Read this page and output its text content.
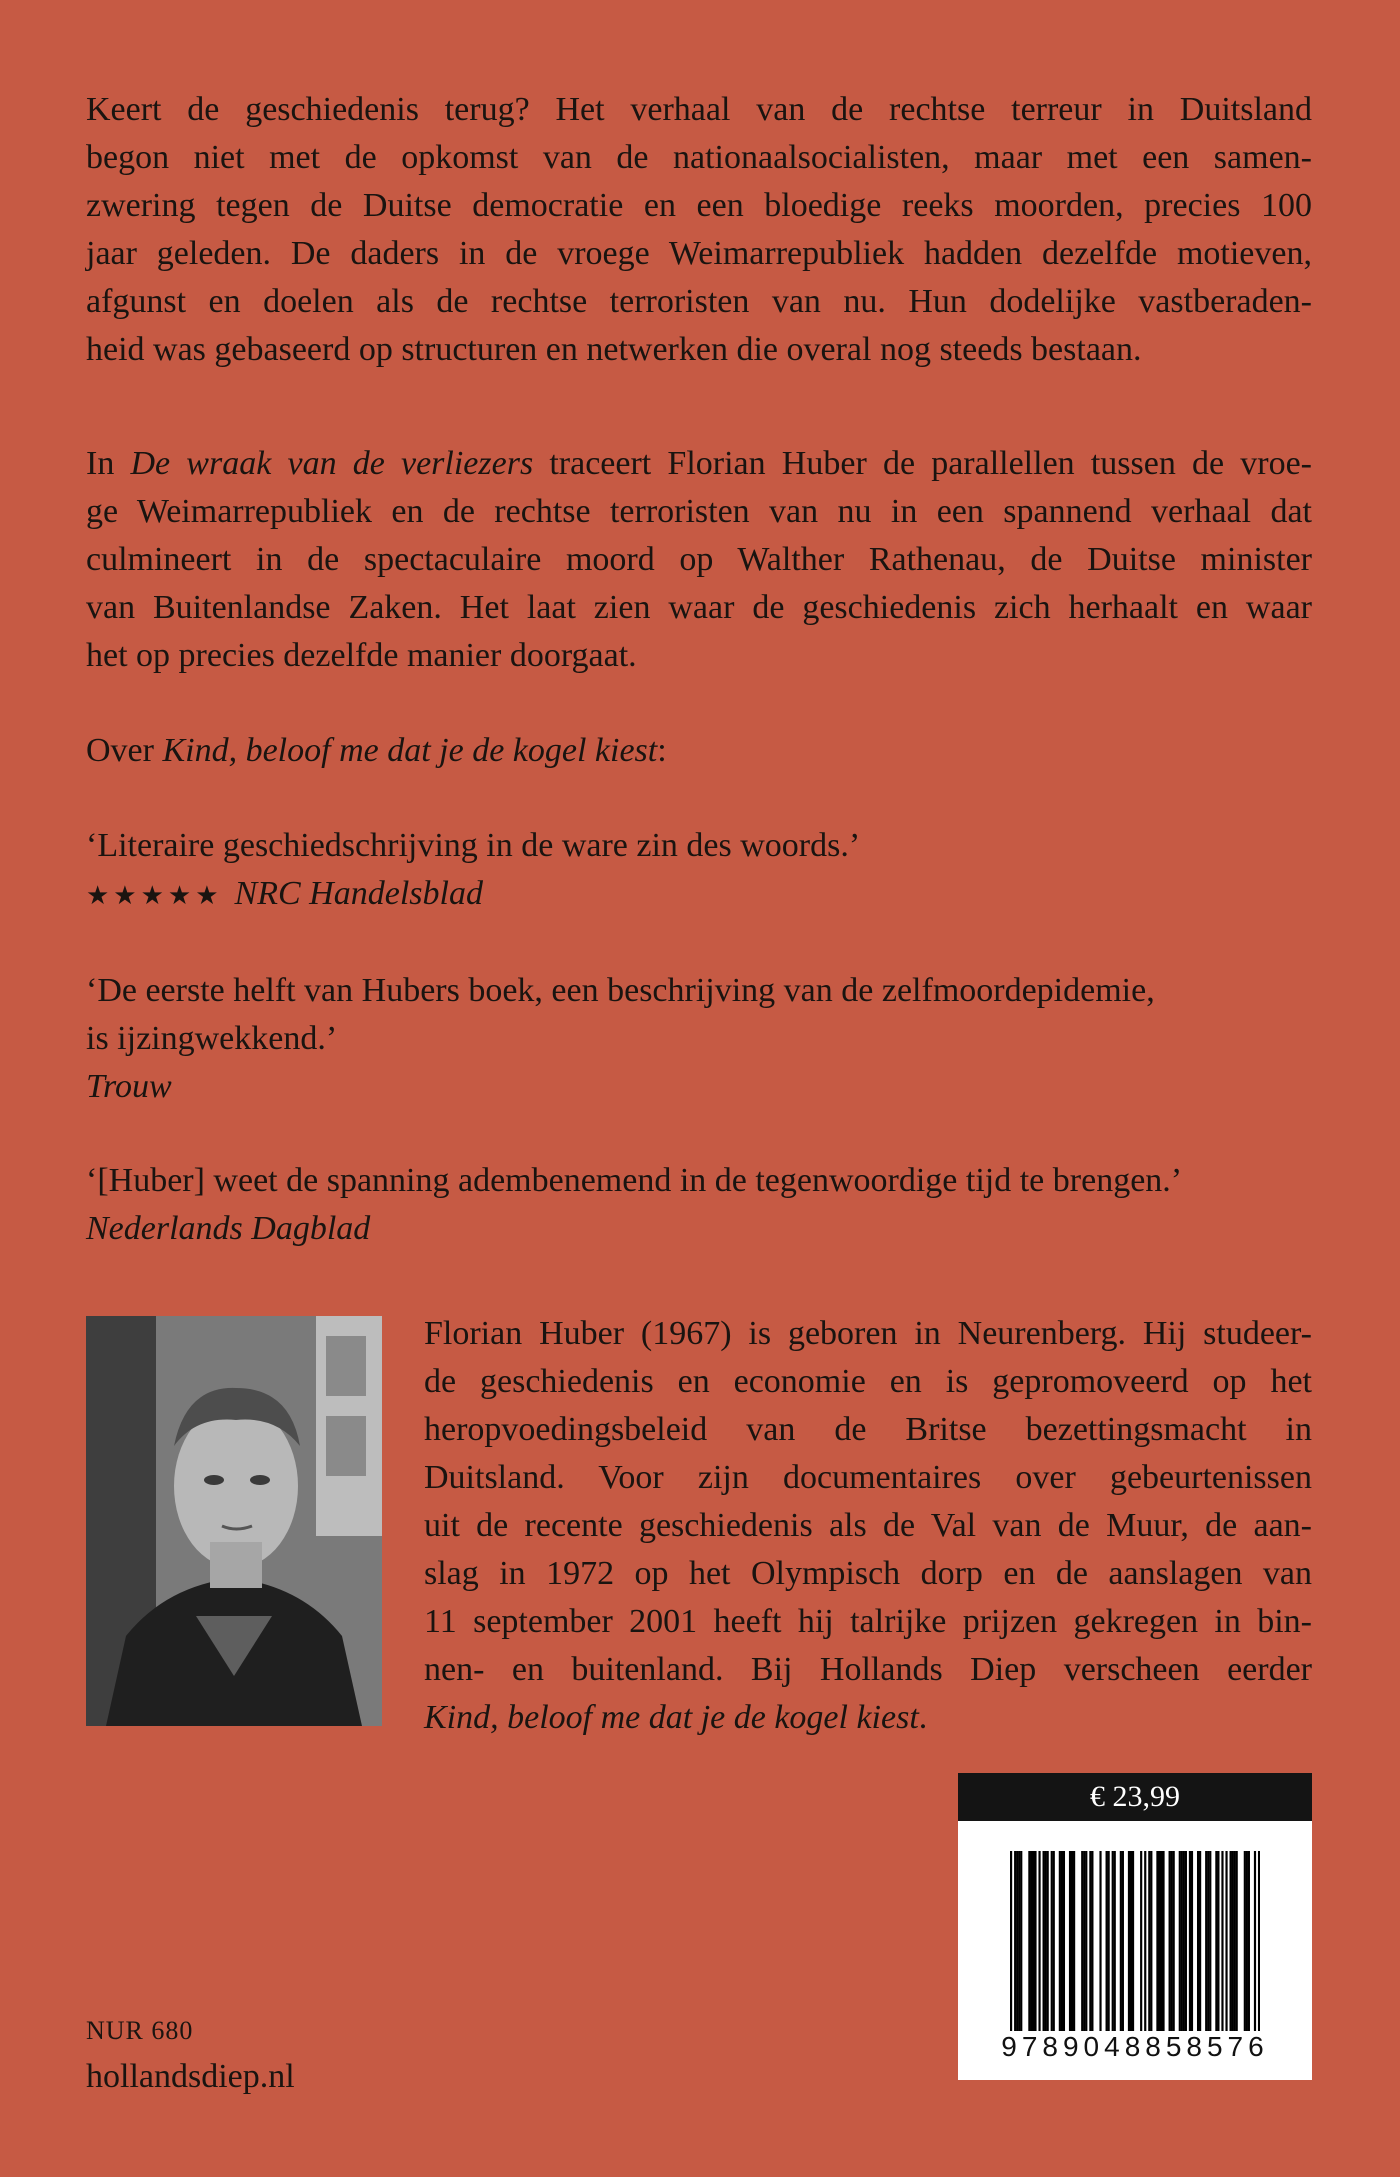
Keert de geschiedenis terug? Het verhaal van de rechtse terreur in Duitsland
begon niet met de opkomst van de nationaalsocialisten, maar met een samen-
zwering tegen de Duitse democratie en een bloedige reeks moorden, precies 100
jaar geleden. De daders in de vroege Weimarrepubliek hadden dezelfde motieven,
afgunst en doelen als de rechtse terroristen van nu. Hun dodelijke vastberaden-
heid was gebaseerd op structuren en netwerken die overal nog steeds bestaan.
In De wraak van de verliezers traceert Florian Huber de parallellen tussen de vroe-
ge Weimarrepubliek en de rechtse terroristen van nu in een spannend verhaal dat
culmineert in de spectaculaire moord op Walther Rathenau, de Duitse minister
van Buitenlandse Zaken. Het laat zien waar de geschiedenis zich herhaalt en waar
het op precies dezelfde manier doorgaat.
Over Kind, beloof me dat je de kogel kiest:
‘Literaire geschiedschrijving in de ware zin des woords.’
★★★★★ NRC Handelsblad
‘De eerste helft van Hubers boek, een beschrijving van de zelfmoordepidemie,
is ijzingwekkend.’
Trouw
‘[Huber] weet de spanning adembenemend in de tegenwoordige tijd te brengen.’
Nederlands Dagblad
Florian Huber (1967) is geboren in Neurenberg. Hij studeer-
de geschiedenis en economie en is gepromoveerd op het
heropvoedingsbeleid van de Britse bezettingsmacht in
Duitsland. Voor zijn documentaires over gebeurtenissen
uit de recente geschiedenis als de Val van de Muur, de aan-
slag in 1972 op het Olympisch dorp en de aanslagen van
11 september 2001 heeft hij talrijke prijzen gekregen in bin-
nen- en buitenland. Bij Hollands Diep verscheen eerder
Kind, beloof me dat je de kogel kiest.
€ 23,99
9789048858576
NUR 680
hollandsdiep.nl
